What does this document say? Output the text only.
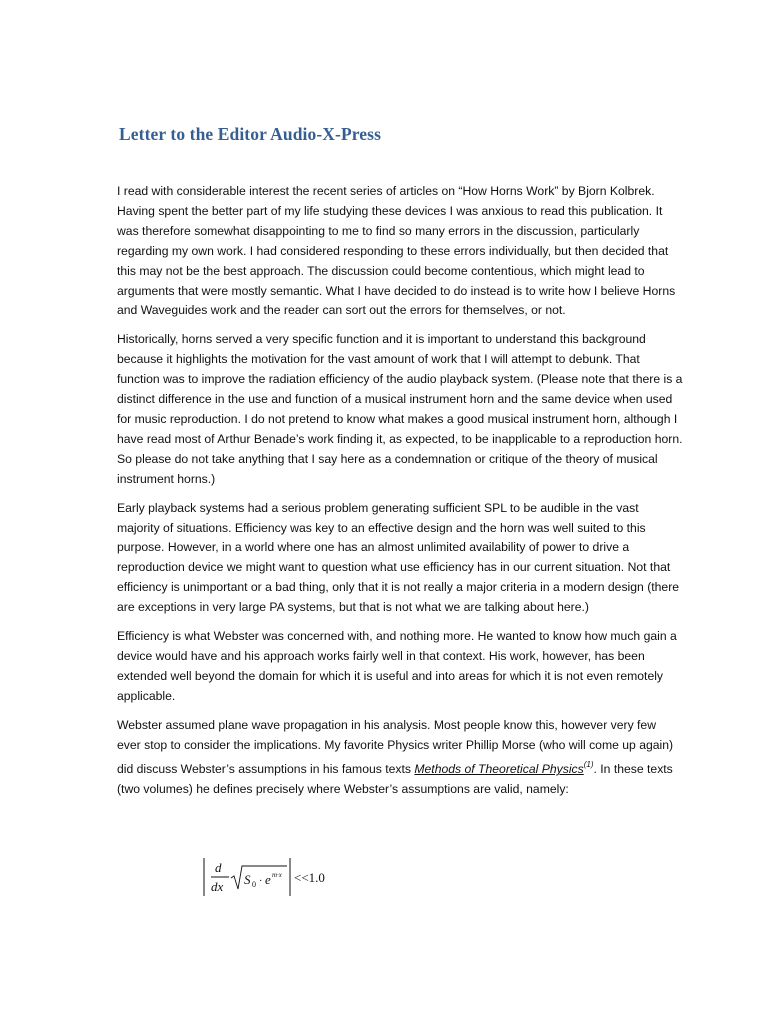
Letter to the Editor Audio-X-Press

I read with considerable interest the recent series of articles on “How Horns Work” by Bjorn Kolbrek. Having spent the better part of my life studying these devices I was anxious to read this publication. It was therefore somewhat disappointing to me to find so many errors in the discussion, particularly regarding my own work. I had considered responding to these errors individually, but then decided that this may not be the best approach. The discussion could become contentious, which might lead to arguments that were mostly semantic. What I have decided to do instead is to write how I believe Horns and Waveguides work and the reader can sort out the errors for themselves, or not.

Historically, horns served a very specific function and it is important to understand this background because it highlights the motivation for the vast amount of work that I will attempt to debunk. That function was to improve the radiation efficiency of the audio playback system. (Please note that there is a distinct difference in the use and function of a musical instrument horn and the same device when used for music reproduction. I do not pretend to know what makes a good musical instrument horn, although I have read most of Arthur Benade’s work finding it, as expected, to be inapplicable to a reproduction horn. So please do not take anything that I say here as a condemnation or critique of the theory of musical instrument horns.)

Early playback systems had a serious problem generating sufficient SPL to be audible in the vast majority of situations. Efficiency was key to an effective design and the horn was well suited to this purpose. However, in a world where one has an almost unlimited availability of power to drive a reproduction device we might want to question what use efficiency has in our current situation. Not that efficiency is unimportant or a bad thing, only that it is not really a major criteria in a modern design (there are exceptions in very large PA systems, but that is not what we are talking about here.)

Efficiency is what Webster was concerned with, and nothing more. He wanted to know how much gain a device would have and his approach works fairly well in that context. His work, however, has been extended well beyond the domain for which it is useful and into areas for which it is not even remotely applicable.

Webster assumed plane wave propagation in his analysis. Most people know this, however very few ever stop to consider the implications. My favorite Physics writer Phillip Morse (who will come up again) did discuss Webster’s assumptions in his famous texts Methods of Theoretical Physics$^{(1)}$. In these texts (two volumes) he defines precisely where Webster’s assumptions are valid, namely:

d
dx S 0 · e m·x <<1.0
